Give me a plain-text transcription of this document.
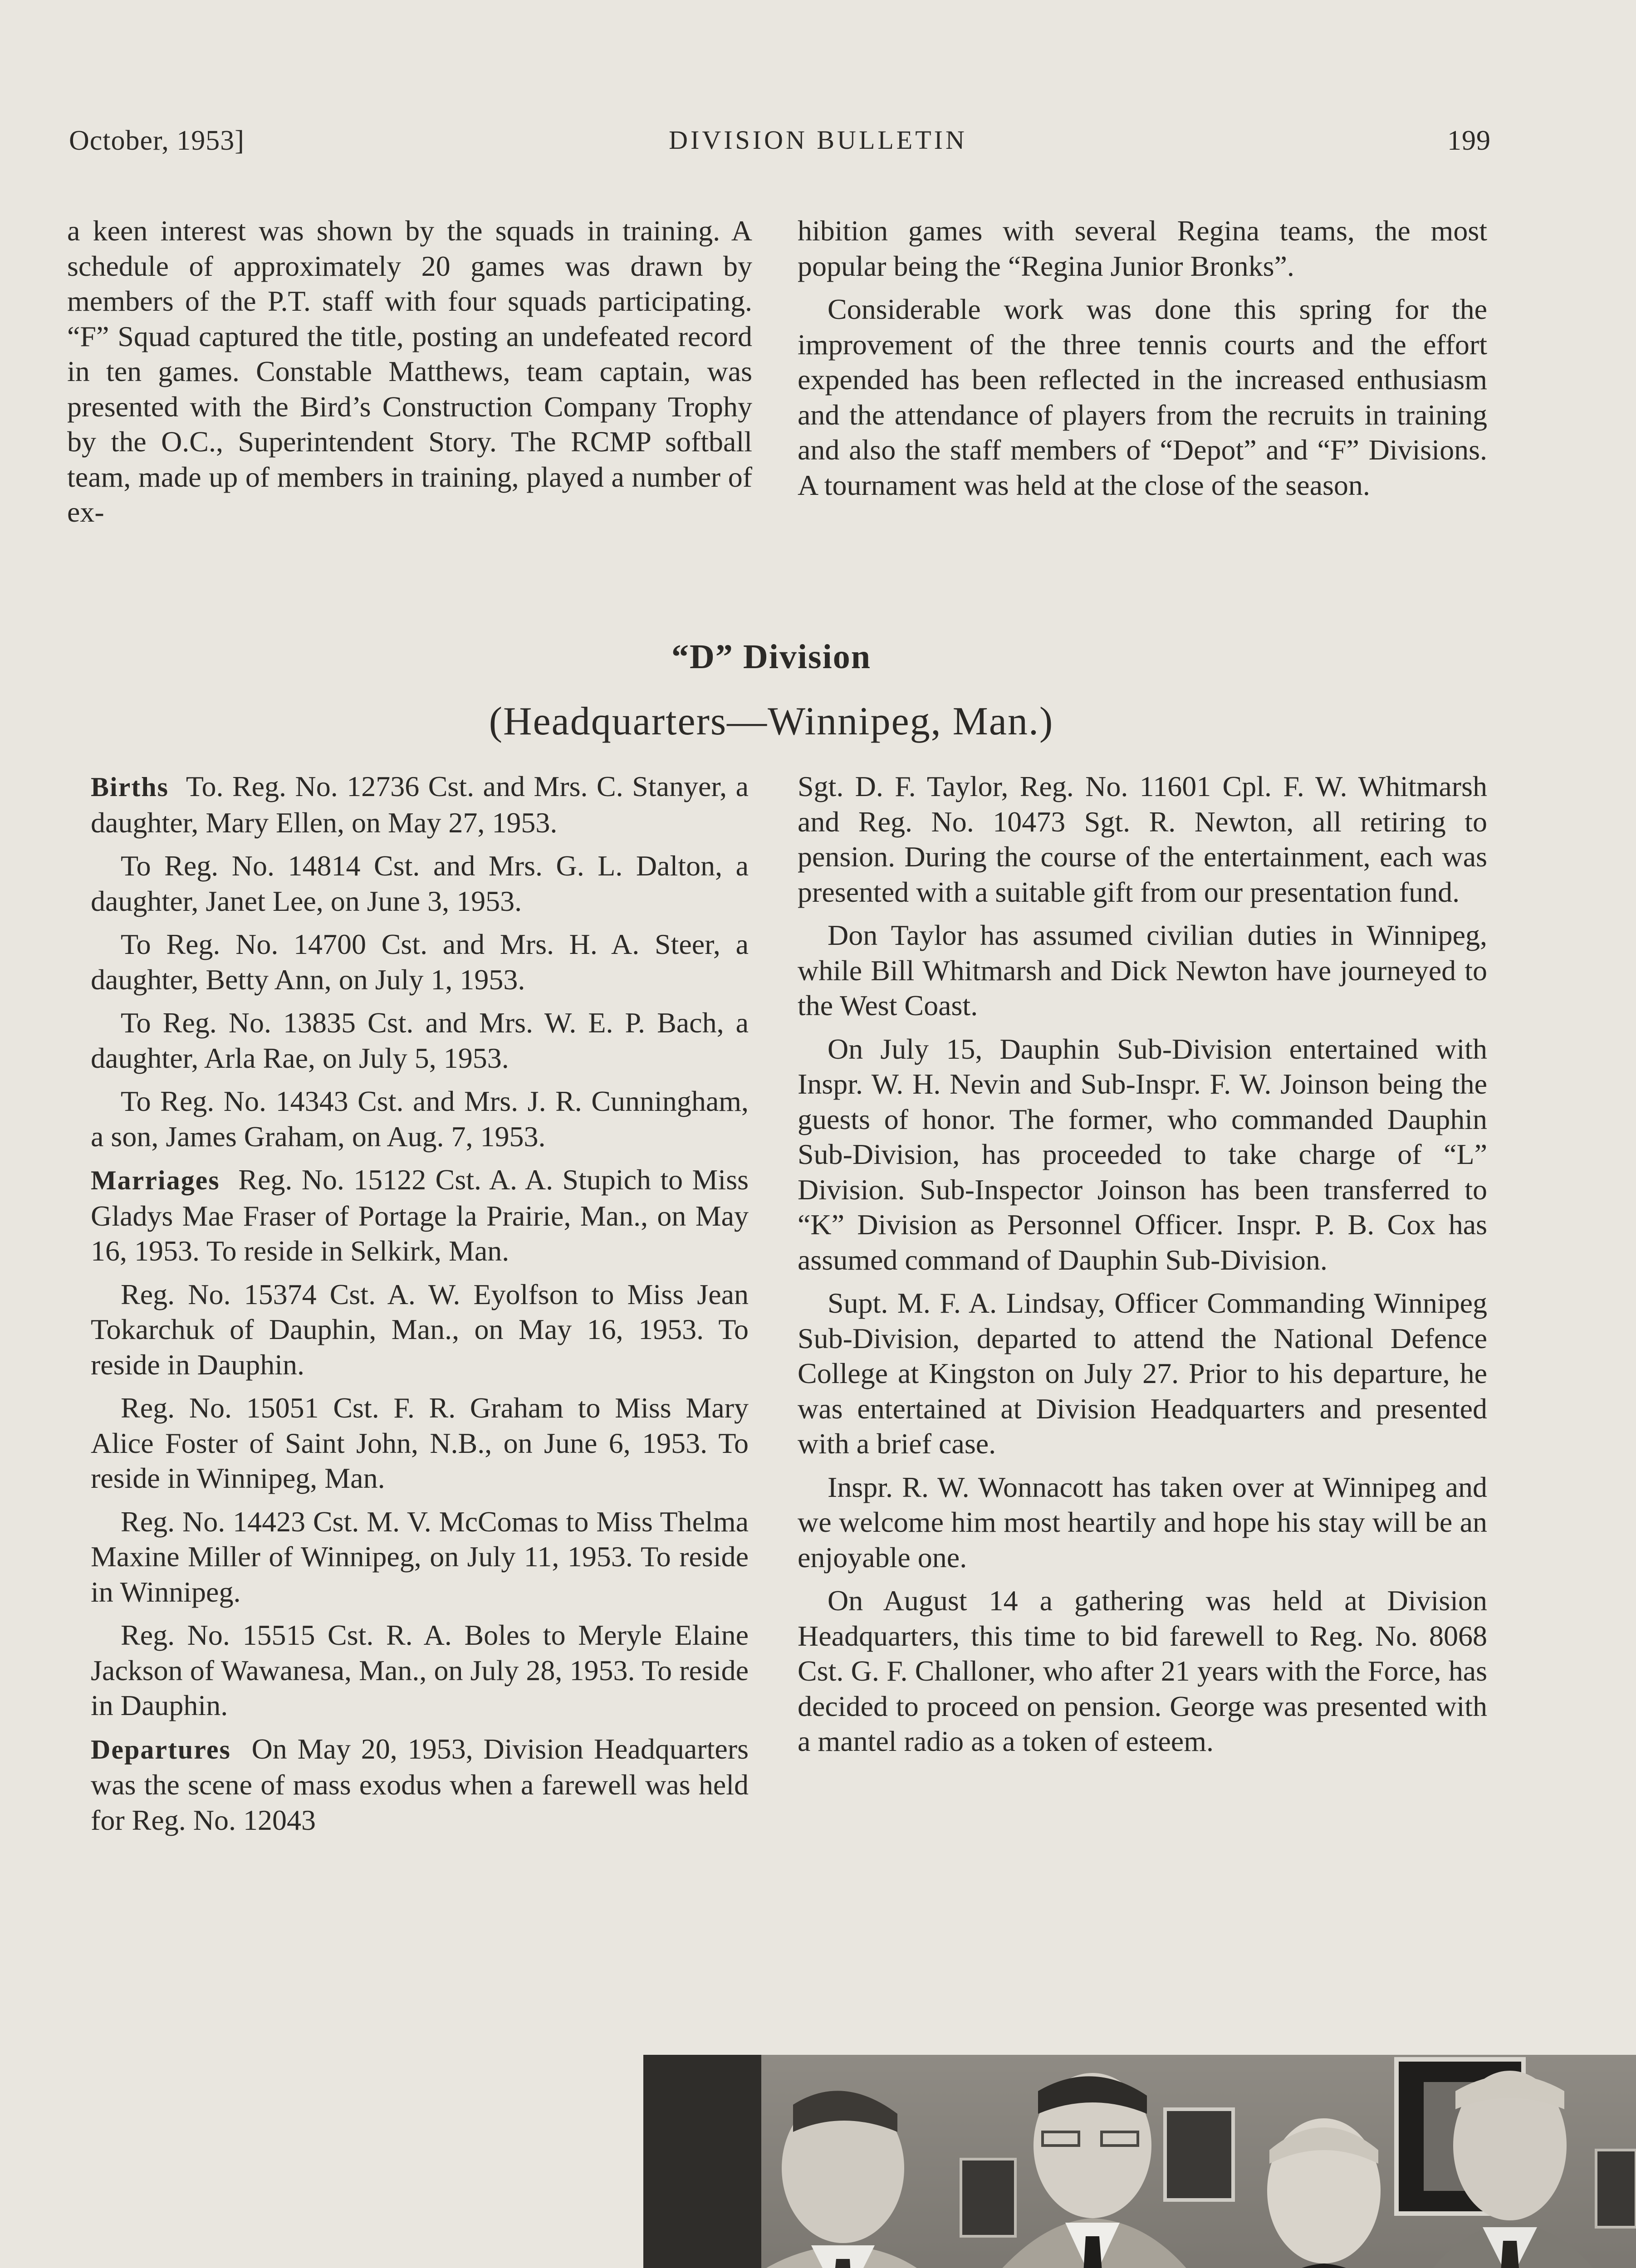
October, 1953]	DIVISION BULLETIN	199

a keen interest was shown by the squads in training. A schedule of approximately 20 games was drawn by members of the P.T. staff with four squads participating. “F” Squad captured the title, posting an undefeated record in ten games. Constable Matthews, team captain, was presented with the Bird’s Construction Company Trophy by the O.C., Superintendent Story. The RCMP softball team, made up of members in training, played a number of ex-

hibition games with several Regina teams, the most popular being the “Regina Junior Bronks”.

Considerable work was done this spring for the improvement of the three tennis courts and the effort expended has been reflected in the increased enthusiasm and the attendance of players from the recruits in training and also the staff members of “Depot” and “F” Divisions. A tournament was held at the close of the season.

“D” Division
(Headquarters—Winnipeg, Man.)

Births To. Reg. No. 12736 Cst. and Mrs. C. Stanyer, a daughter, Mary Ellen, on May 27, 1953.

To Reg. No. 14814 Cst. and Mrs. G. L. Dalton, a daughter, Janet Lee, on June 3, 1953.

To Reg. No. 14700 Cst. and Mrs. H. A. Steer, a daughter, Betty Ann, on July 1, 1953.

To Reg. No. 13835 Cst. and Mrs. W. E. P. Bach, a daughter, Arla Rae, on July 5, 1953.

To Reg. No. 14343 Cst. and Mrs. J. R. Cunningham, a son, James Graham, on Aug. 7, 1953.

Marriages Reg. No. 15122 Cst. A. A. Stupich to Miss Gladys Mae Fraser of Portage la Prairie, Man., on May 16, 1953. To reside in Selkirk, Man.

Reg. No. 15374 Cst. A. W. Eyolfson to Miss Jean Tokarchuk of Dauphin, Man., on May 16, 1953. To reside in Dauphin.

Reg. No. 15051 Cst. F. R. Graham to Miss Mary Alice Foster of Saint John, N.B., on June 6, 1953. To reside in Winnipeg, Man.

Reg. No. 14423 Cst. M. V. McComas to Miss Thelma Maxine Miller of Winnipeg, on July 11, 1953. To reside in Winnipeg.

Reg. No. 15515 Cst. R. A. Boles to Meryle Elaine Jackson of Wawanesa, Man., on July 28, 1953. To reside in Dauphin.

Departures On May 20, 1953, Division Headquarters was the scene of mass exodus when a farewell was held for Reg. No. 12043

Sgt. D. F. Taylor, Reg. No. 11601 Cpl. F. W. Whitmarsh and Reg. No. 10473 Sgt. R. Newton, all retiring to pension. During the course of the entertainment, each was presented with a suitable gift from our presentation fund.

Don Taylor has assumed civilian duties in Winnipeg, while Bill Whitmarsh and Dick Newton have journeyed to the West Coast.

On July 15, Dauphin Sub-Division entertained with Inspr. W. H. Nevin and Sub-Inspr. F. W. Joinson being the guests of honor. The former, who commanded Dauphin Sub-Division, has proceeded to take charge of “L” Division. Sub-Inspector Joinson has been transferred to “K” Division as Personnel Officer. Inspr. P. B. Cox has assumed command of Dauphin Sub-Division.

Supt. M. F. A. Lindsay, Officer Commanding Winnipeg Sub-Division, departed to attend the National Defence College at Kingston on July 27. Prior to his departure, he was entertained at Division Headquarters and presented with a brief case.

Inspr. R. W. Wonnacott has taken over at Winnipeg and we welcome him most heartily and hope his stay will be an enjoyable one.

On August 14 a gathering was held at Division Headquarters, this time to bid farewell to Reg. No. 8068 Cst. G. F. Challoner, who after 21 years with the Force, has decided to proceed on pension. George was presented with a mantel radio as a token of esteem.
